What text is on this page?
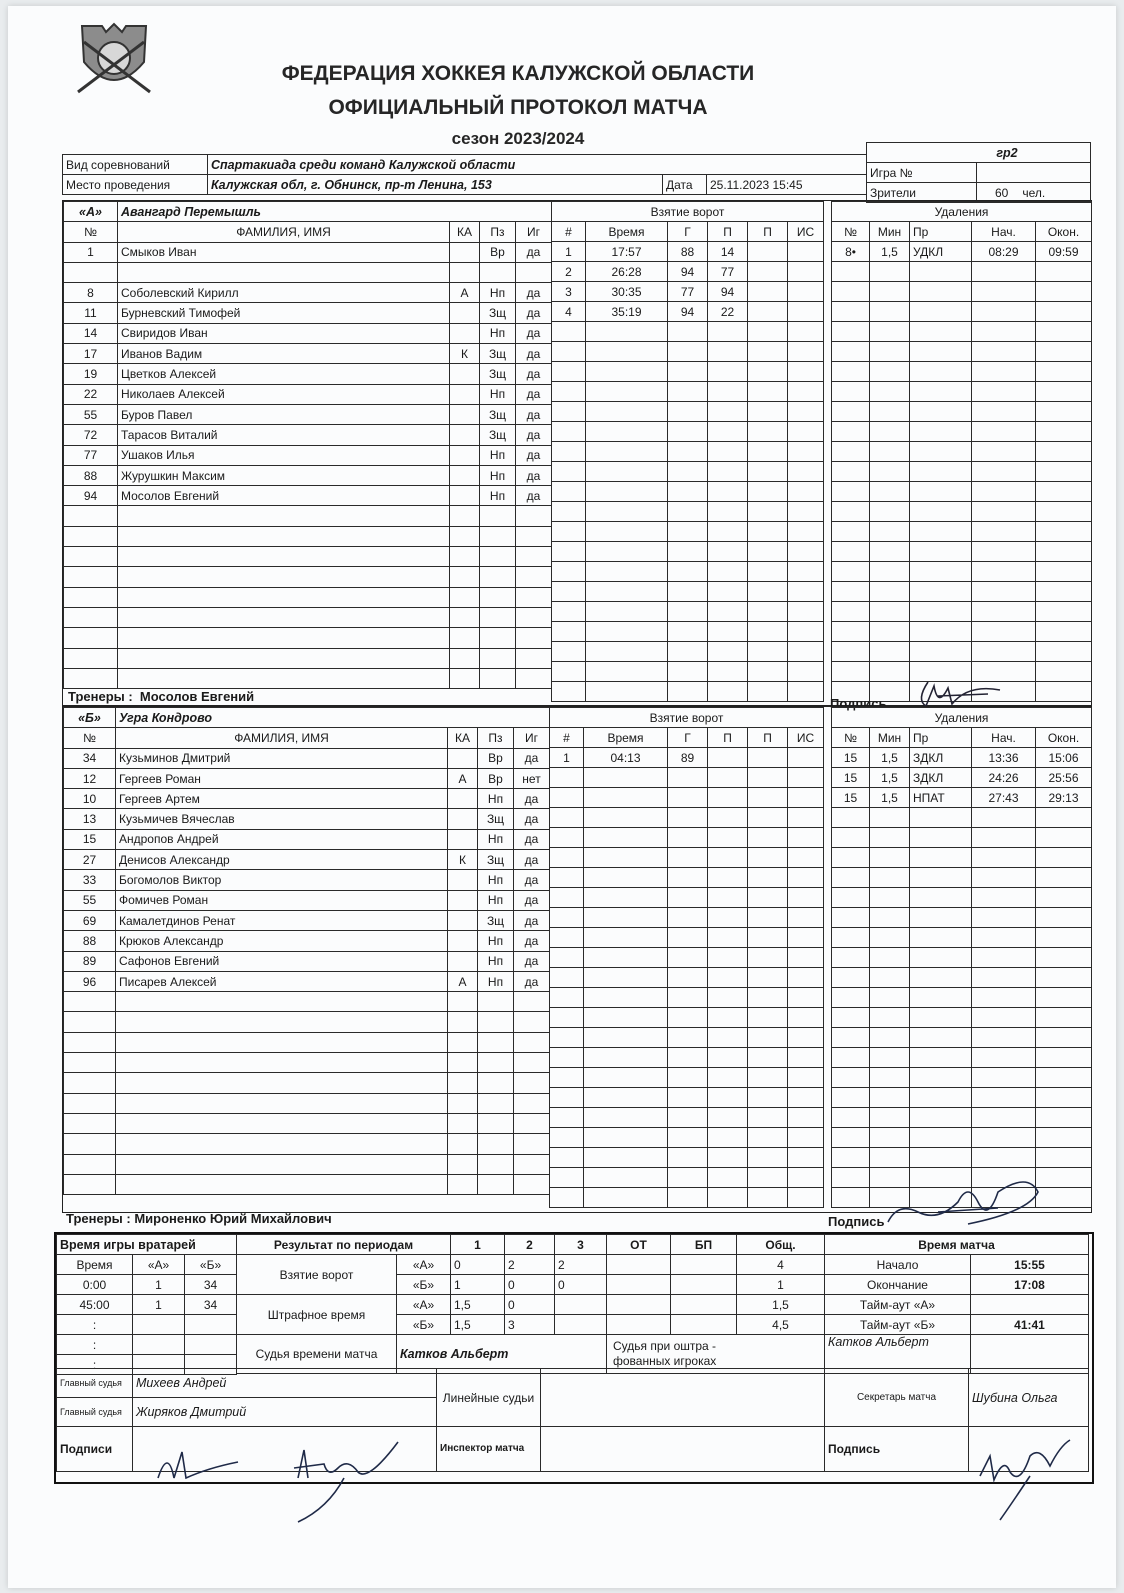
ФЕДЕРАЦИЯ ХОККЕЯ КАЛУЖСКОЙ ОБЛАСТИ
ОФИЦИАЛЬНЫЙ ПРОТОКОЛ МАТЧА
сезон 2023/2024
Вид соревнований	Спартакиада среди команд Калужской области		
Место проведения	Калужская обл, г. Обнинск, пр-т Ленина, 153	Дата	25.11.2023 15:45
гр2	
Игра №	
Зрители	60 чел.
«А»	Авангард Перемышль			
№	ФАМИЛИЯ, ИМЯ	КА	Пз	Иг
1	Смыков Иван		Вр	да

8	Соболевский Кирилл	А	Нп	да
11	Бурневский Тимофей		Зщ	да
14	Свиридов Иван		Нп	да
17	Иванов Вадим	К	Зщ	да
19	Цветков Алексей		Зщ	да
22	Николаев Алексей		Нп	да
55	Буров Павел		Зщ	да
72	Тарасов Виталий		Зщ	да
77	Ушаков Илья		Нп	да
88	Журушкин Максим		Нп	да
94	Мосолов Евгений		Нп	да

Взятие ворот					
#	Время	Г	П	П	ИС
1	17:57	88	14		
2	26:28	94	77		
3	30:35	77	94		
4	35:19	94	22		

Удаления				
№	Мин	Пр	Нач.	Окон.
8•	1,5	УДКЛ	08:29	09:59

Тренеры : Мосолов Евгений	Подпись
«Б»	Угра Кондрово			
№	ФАМИЛИЯ, ИМЯ	КА	Пз	Иг
34	Кузьминов Дмитрий		Вр	да
12	Гергеев Роман	А	Вр	нет
10	Гергеев Артем		Нп	да
13	Кузьмичев Вячеслав		Зщ	да
15	Андропов Андрей		Нп	да
27	Денисов Александр	К	Зщ	да
33	Богомолов Виктор		Нп	да
55	Фомичев Роман		Нп	да
69	Камалетдинов Ренат		Зщ	да
88	Крюков Александр		Нп	да
89	Сафонов Евгений		Нп	да
96	Писарев Алексей	А	Нп	да

Взятие ворот					
#	Время	Г	П	П	ИС
1	04:13	89			

Удаления				
№	Мин	Пр	Нач.	Окон.
15	1,5	ЗДКЛ	13:36	15:06
15	1,5	ЗДКЛ	24:26	25:56
15	1,5	НПАТ	27:43	29:13

Тренеры : Мироненко Юрий Михайлович	Подпись
Время игры вратарей		
Время	«А»	«Б»
0:00	1	34
45:00	1	34
:		
:		
:		
Результат по периодам		1	2	3	ОТ	БП	Общ.
Взятие ворот	«А»	0	2	2			4
	«Б»	1	0	0			1
Штрафное время	«А»	1,5	0				1,5
	«Б»	1,5	3				4,5
Судья времени матча	Катков Альберт				Судья при оштра -
фованных игроках		
Время матча	
Начало	15:55
Окончание	17:08
Тайм-аут «А»	
Тайм-аут «Б»	41:41
Катков Альберт	
Главный судья	Михеев Андрей	Линейные судьи		Секретарь матча	Шубина Ольга
Главный судья	Жиряков Дмитрий				
Подписи		Инспектор матча		Подпись	
